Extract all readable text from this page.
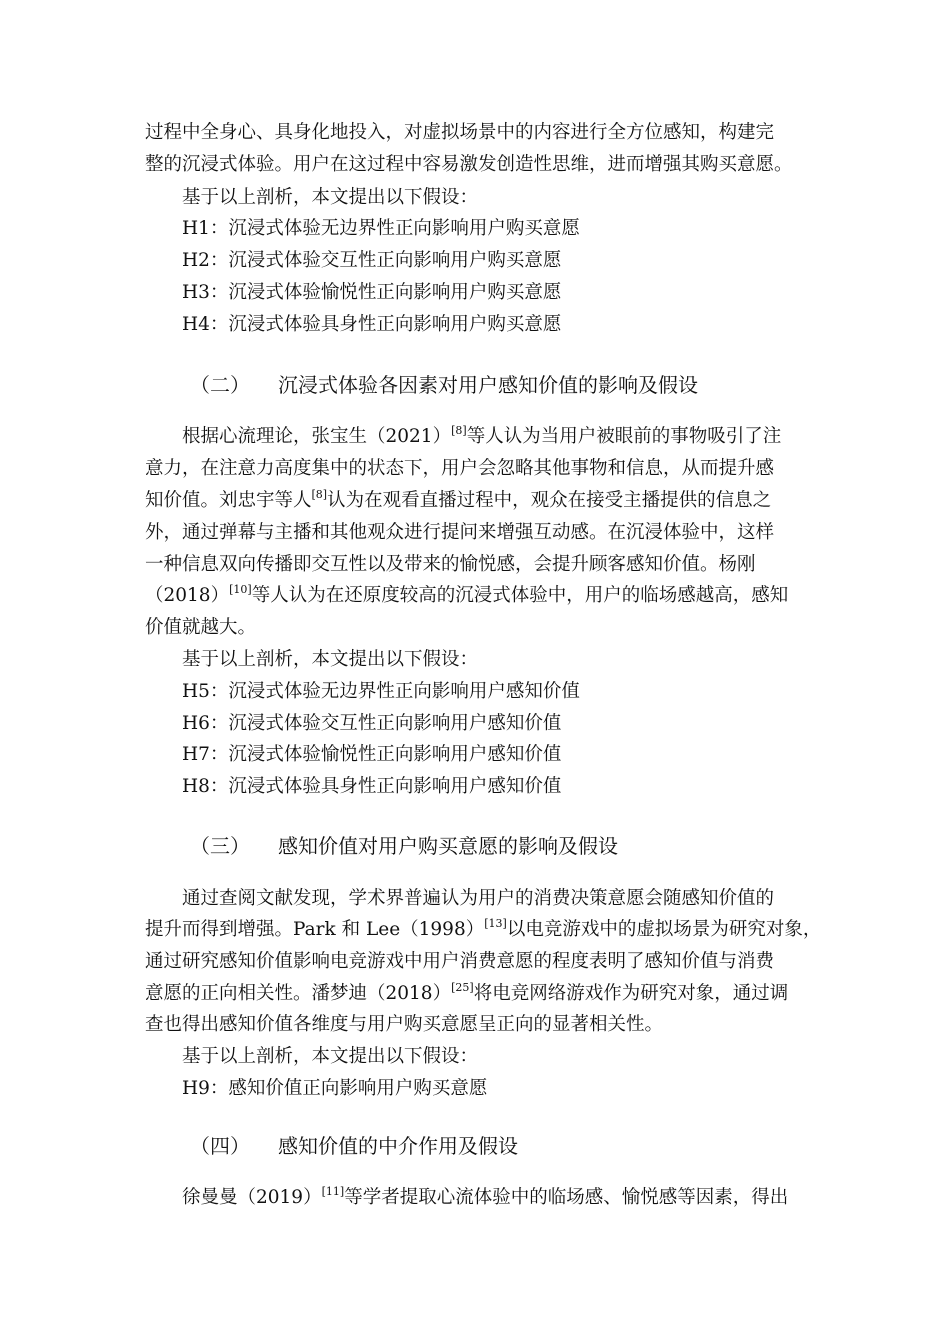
过程中全身心、具身化地投入，对虚拟场景中的内容进行全方位感知，构建完

整的沉浸式体验。用户在这过程中容易激发创造性思维，进而增强其购买意愿。

基于以上剖析，本文提出以下假设：

H1：沉浸式体验无边界性正向影响用户购买意愿

H2：沉浸式体验交互性正向影响用户购买意愿

H3：沉浸式体验愉悦性正向影响用户购买意愿

H4：沉浸式体验具身性正向影响用户购买意愿

（二） 沉浸式体验各因素对用户感知价值的影响及假设

根据心流理论，张宝生（2021）[8]等人认为当用户被眼前的事物吸引了注

意力，在注意力高度集中的状态下，用户会忽略其他事物和信息，从而提升感

知价值。刘忠宇等人[8]认为在观看直播过程中，观众在接受主播提供的信息之

外，通过弹幕与主播和其他观众进行提问来增强互动感。在沉浸体验中，这样

一种信息双向传播即交互性以及带来的愉悦感，会提升顾客感知价值。杨刚

（2018）[10]等人认为在还原度较高的沉浸式体验中，用户的临场感越高，感知

价值就越大。

基于以上剖析，本文提出以下假设：

H5：沉浸式体验无边界性正向影响用户感知价值

H6：沉浸式体验交互性正向影响用户感知价值

H7：沉浸式体验愉悦性正向影响用户感知价值

H8：沉浸式体验具身性正向影响用户感知价值

（三） 感知价值对用户购买意愿的影响及假设

通过查阅文献发现，学术界普遍认为用户的消费决策意愿会随感知价值的

提升而得到增强。Park 和 Lee（1998）[13]以电竞游戏中的虚拟场景为研究对象，

通过研究感知价值影响电竞游戏中用户消费意愿的程度表明了感知价值与消费

意愿的正向相关性。潘梦迪（2018）[25]将电竞网络游戏作为研究对象，通过调

查也得出感知价值各维度与用户购买意愿呈正向的显著相关性。

基于以上剖析，本文提出以下假设：

H9：感知价值正向影响用户购买意愿

（四） 感知价值的中介作用及假设

徐曼曼（2019）[11]等学者提取心流体验中的临场感、愉悦感等因素，得出
